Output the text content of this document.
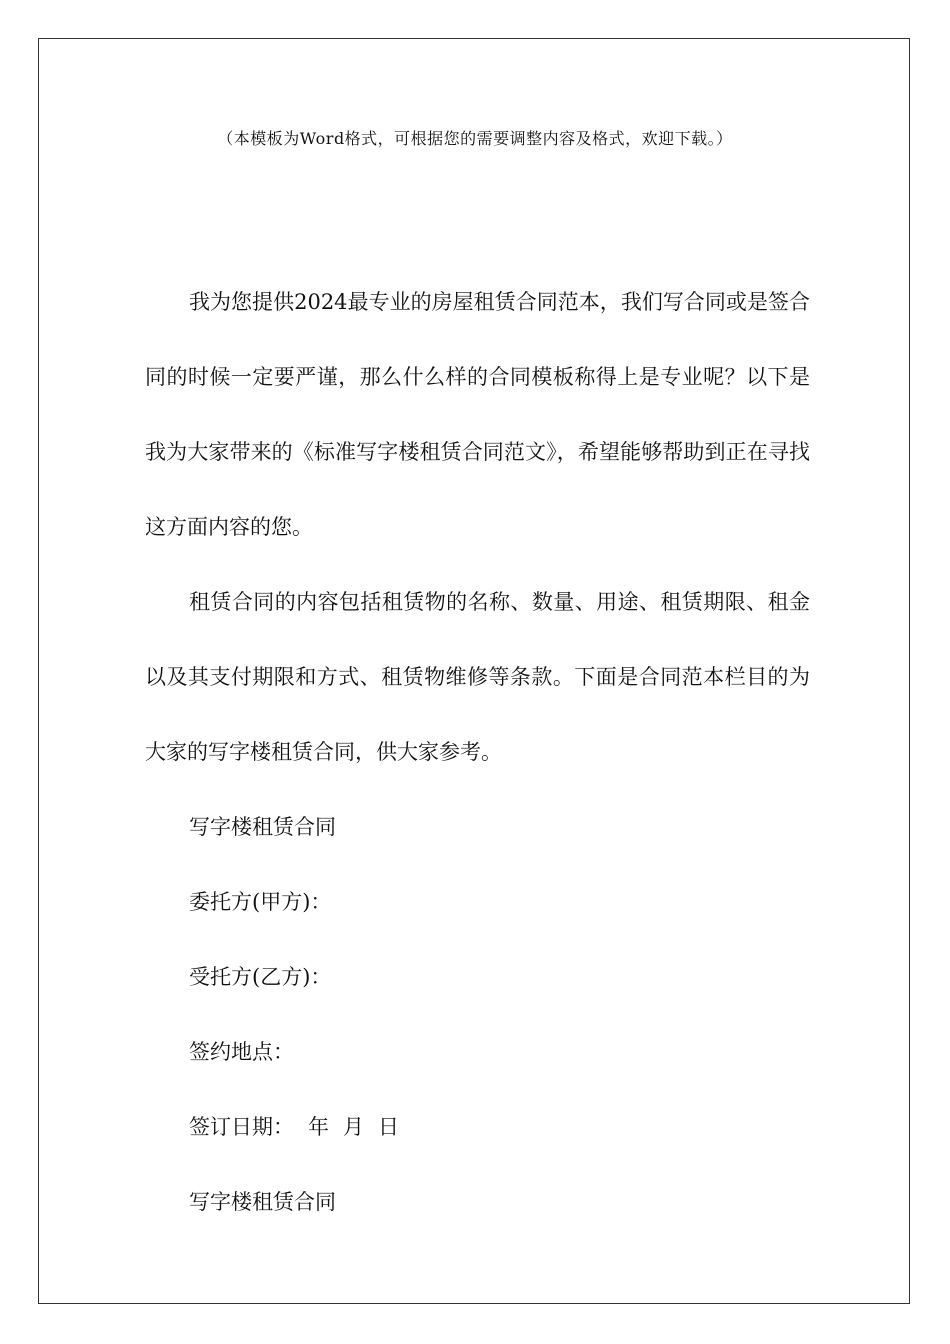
（本模板为Word格式，可根据您的需要调整内容及格式，欢迎下载。）

我为您提供2024最专业的房屋租赁合同范本，我们写合同或是签合同的时候一定要严谨，那么什么样的合同模板称得上是专业呢？以下是我为大家带来的《标准写字楼租赁合同范文》，希望能够帮助到正在寻找这方面内容的您。

租赁合同的内容包括租赁物的名称、数量、用途、租赁期限、租金以及其支付期限和方式、租赁物维修等条款。下面是合同范本栏目的为大家的写字楼租赁合同，供大家参考。

写字楼租赁合同

委托方(甲方)：

受托方(乙方)：

签约地点：

签订日期： 年 月 日

写字楼租赁合同
